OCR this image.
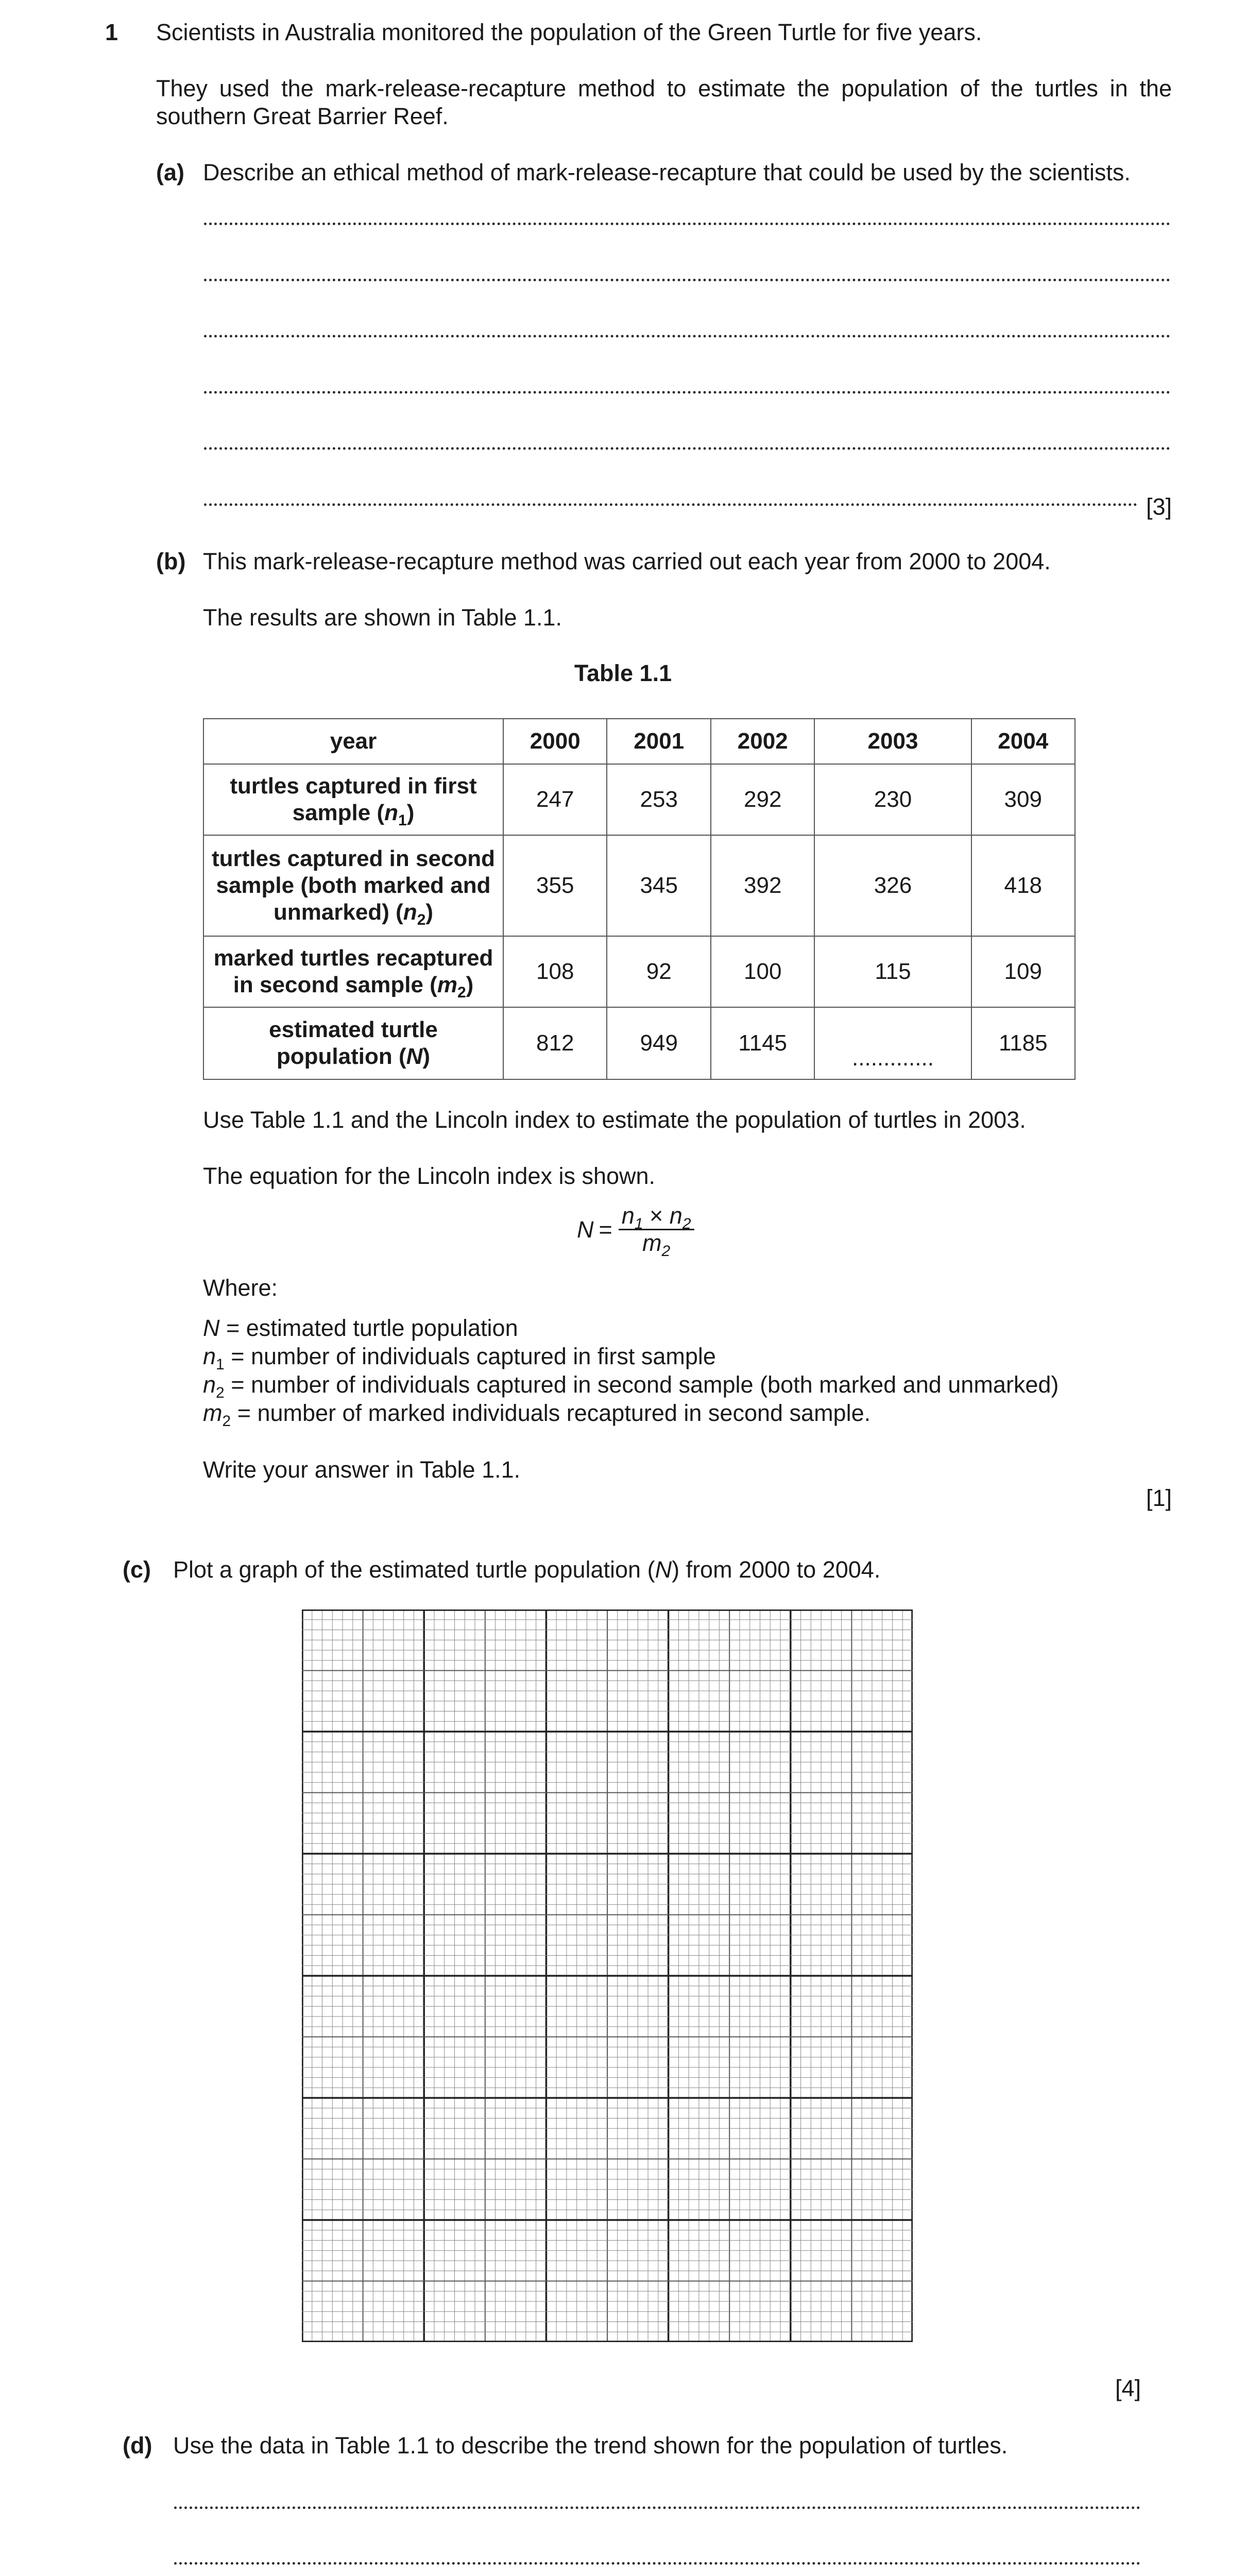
1 Scientists in Australia monitored the population of the Green Turtle for five years.
They used the mark-release-recapture method to estimate the population of the turtles in the southern Great Barrier Reef.
(a) Describe an ethical method of mark-release-recapture that could be used by the scientists.
[3]
(b) This mark-release-recapture method was carried out each year from 2000 to 2004.
The results are shown in Table 1.1.
Table 1.1
year	2000	2001	2002	2003	2004
turtles captured in first sample $(n_1)$	247	253	292	230	309
turtles captured in second sample (both marked and unmarked) $(n_2)$	355	345	392	326	418
marked turtles recaptured in second sample $(m_2)$	108	92	100	115	109
estimated turtle population (N)	812	949	1145	.............	1185
Use Table 1.1 and the Lincoln index to estimate the population of turtles in 2003.
The equation for the Lincoln index is shown.
$N = \frac{n_1 \times n_2}{m_2}$
Where:
N = estimated turtle population
$n_1$ = number of individuals captured in first sample
$n_2$ = number of individuals captured in second sample (both marked and unmarked)
$m_2$ = number of marked individuals recaptured in second sample.
Write your answer in Table 1.1.
[1]
(c) Plot a graph of the estimated turtle population (N) from 2000 to 2004.
[4]
(d) Use the data in Table 1.1 to describe the trend shown for the population of turtles.
